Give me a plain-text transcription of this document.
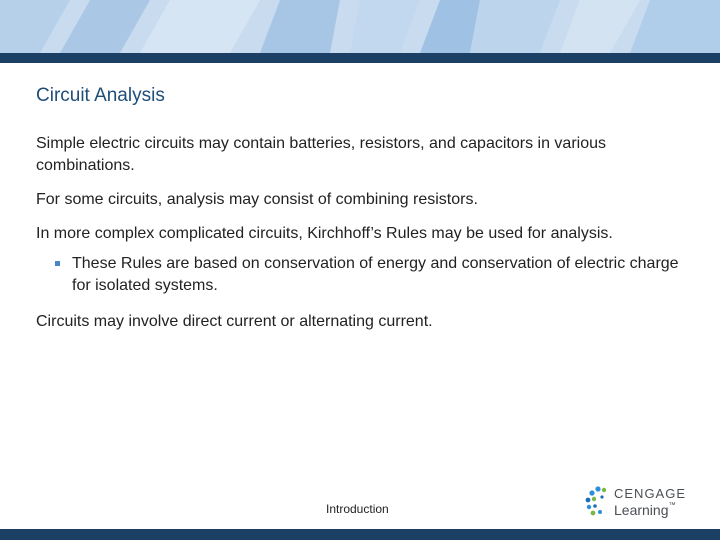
Circuit Analysis

Simple electric circuits may contain batteries, resistors, and capacitors in various combinations.

For some circuits, analysis may consist of combining resistors.

In more complex complicated circuits, Kirchhoff’s Rules may be used for analysis.

These Rules are based on conservation of energy and conservation of electric charge for isolated systems.

Circuits may involve direct current or alternating current.

Introduction
CENGAGE
Learning™
